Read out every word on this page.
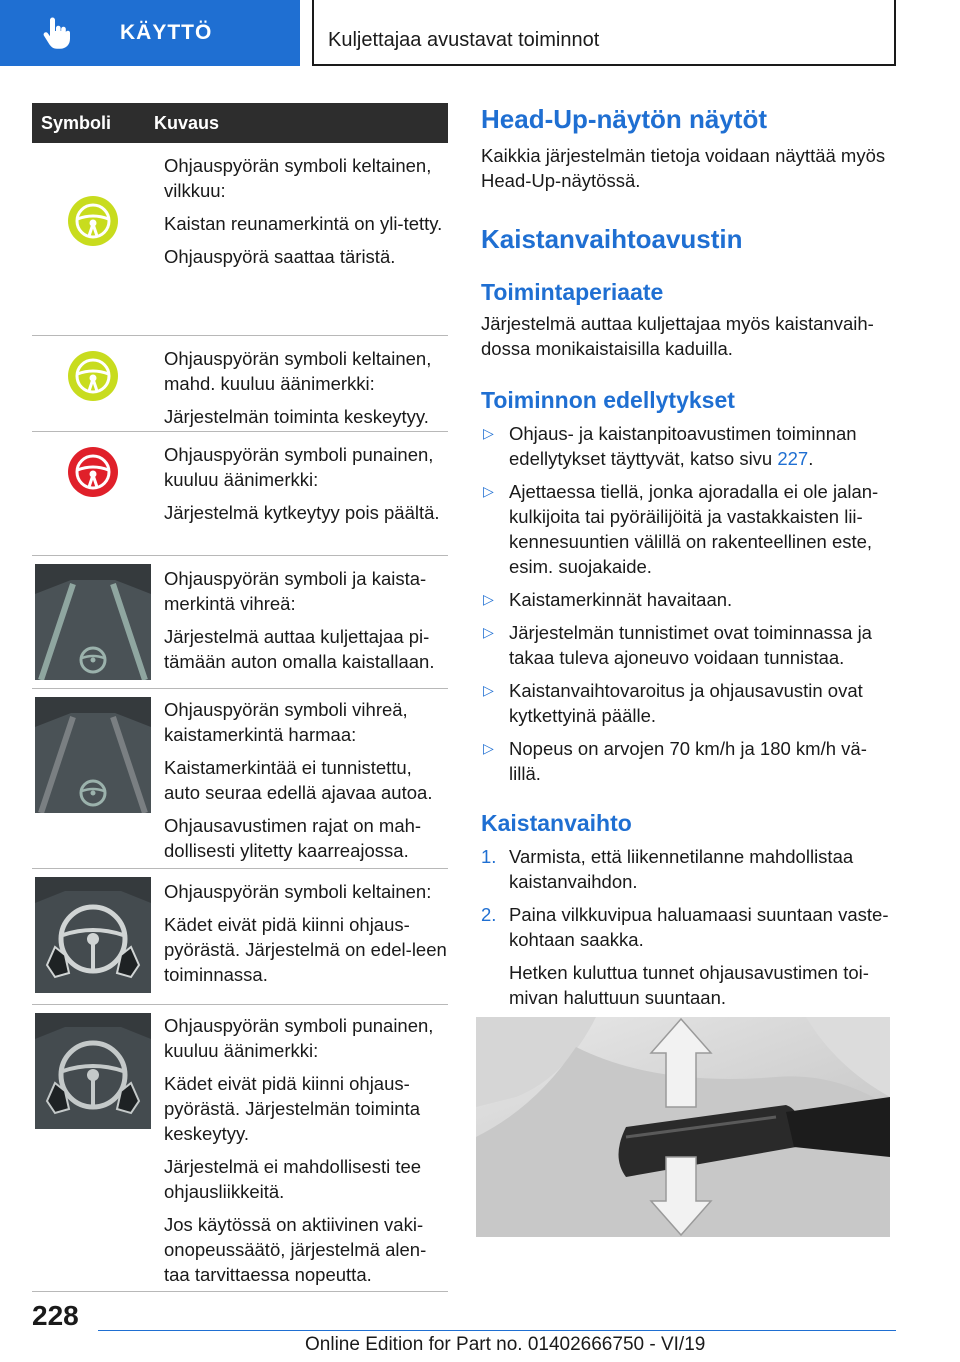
KÄYTTÖ	Kuljettajaa avustavat toiminnot
Symboli	Kuvaus

Ohjauspyörän symboli keltainen, vilkkuu:

Kaistan reunamerkintä on yli-tetty.

Ohjauspyörä saattaa täristä.

Ohjauspyörän symboli keltainen, mahd. kuuluu äänimerkki:

Järjestelmän toiminta keskeytyy.

Ohjauspyörän symboli punainen, kuuluu äänimerkki:

Järjestelmä kytkeytyy pois päältä.

Ohjauspyörän symboli ja kaista-merkintä vihreä:

Järjestelmä auttaa kuljettajaa pi-tämään auton omalla kaistallaan.

Ohjauspyörän symboli vihreä, kaistamerkintä harmaa:

Kaistamerkintää ei tunnistettu, auto seuraa edellä ajavaa autoa.

Ohjausavustimen rajat on mah-dollisesti ylitetty kaarreajossa.

Ohjauspyörän symboli keltainen:

Kädet eivät pidä kiinni ohjaus-pyörästä. Järjestelmä on edel-leen toiminnassa.

Ohjauspyörän symboli punainen, kuuluu äänimerkki:

Kädet eivät pidä kiinni ohjaus-pyörästä. Järjestelmän toiminta keskeytyy.

Järjestelmä ei mahdollisesti tee ohjausliikkeitä.

Jos käytössä on aktiivinen vaki-onopeussäätö, järjestelmä alen-taa tarvittaessa nopeutta.

Head-Up-näytön näytöt

Kaikkia järjestelmän tietoja voidaan näyttää myös Head-Up-näytössä.

Kaistanvaihtoavustin
Toimintaperiaate

Järjestelmä auttaa kuljettajaa myös kaistanvaih-dossa monikaistaisilla kaduilla.

Toiminnon edellytykset
▷ Ohjaus- ja kaistanpitoavustimen toiminnan edellytykset täyttyvät, katso sivu 227.
▷ Ajettaessa tiellä, jonka ajoradalla ei ole jalan-kulkijoita tai pyöräilijöitä ja vastakkaisten lii-kennesuuntien välillä on rakenteellinen este, esim. suojakaide.
▷ Kaistamerkinnät havaitaan.
▷ Järjestelmän tunnistimet ovat toiminnassa ja takaa tuleva ajoneuvo voidaan tunnistaa.
▷ Kaistanvaihtovaroitus ja ohjausavustin ovat kytkettyinä päälle.
▷ Nopeus on arvojen 70 km/h ja 180 km/h vä-lillä.
Kaistanvaihto
1. Varmista, että liikennetilanne mahdollistaa kaistanvaihdon.

2. Paina vilkkuvipua haluamaasi suuntaan vaste-kohtaan saakka.

Hetken kuluttua tunnet ohjausavustimen toi-mivan haluttuun suuntaan.

228
Online Edition for Part no. 01402666750 - VI/19
